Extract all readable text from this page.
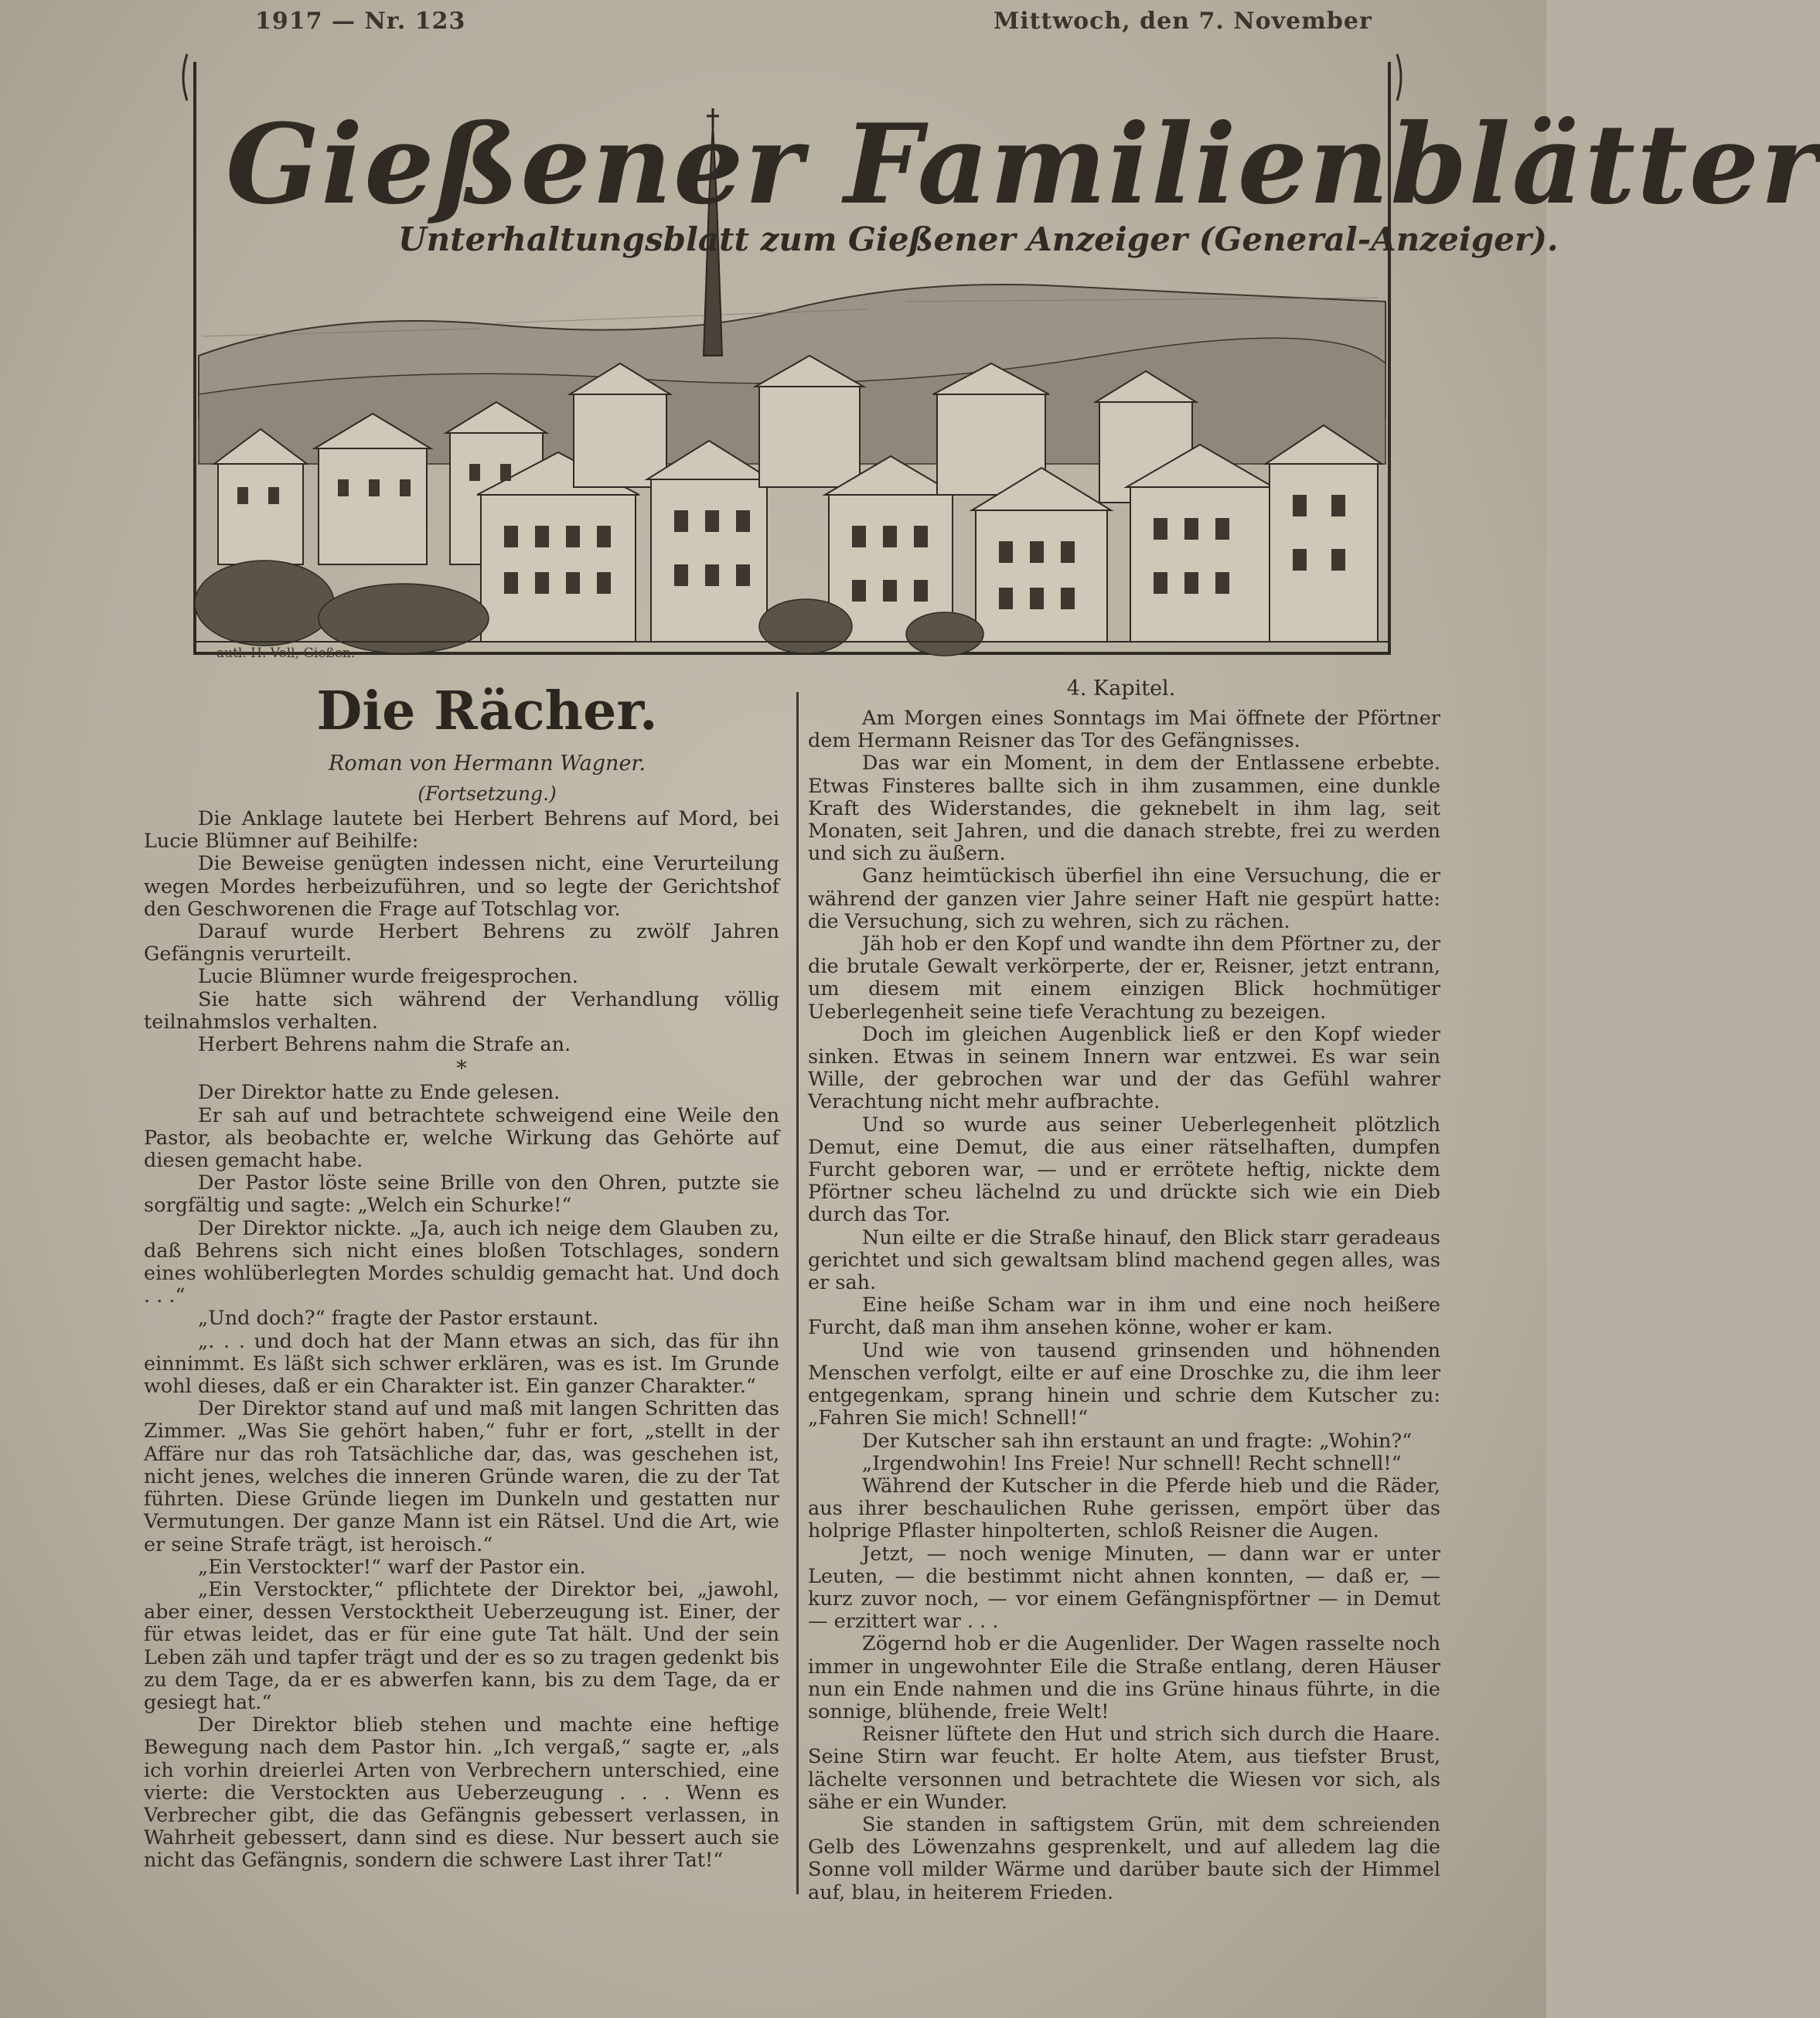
1917 — Nr. 123	Mittwoch, den 7. November
Gießener Familienblätter
Unterhaltungsblatt zum Gießener Anzeiger (General-Anzeiger).
autl. H. Voll, Gießen.
Die Rächer.
Roman von Hermann Wagner.
(Fortsetzung.)

Die Anklage lautete bei Herbert Behrens auf Mord, bei Lucie Blümner auf Beihilfe:

Die Beweise genügten indessen nicht, eine Verurteilung wegen Mordes herbeizuführen, und so legte der Gerichtshof den Geschworenen die Frage auf Totschlag vor.

Darauf wurde Herbert Behrens zu zwölf Jahren Gefängnis verurteilt.

Lucie Blümner wurde freigesprochen.

Sie hatte sich während der Verhandlung völlig teilnahmslos verhalten.

Herbert Behrens nahm die Strafe an.

*

Der Direktor hatte zu Ende gelesen.

Er sah auf und betrachtete schweigend eine Weile den Pastor, als beobachte er, welche Wirkung das Gehörte auf diesen gemacht habe.

Der Pastor löste seine Brille von den Ohren, putzte sie sorgfältig und sagte: „Welch ein Schurke!“

Der Direktor nickte. „Ja, auch ich neige dem Glauben zu, daß Behrens sich nicht eines bloßen Totschlages, sondern eines wohlüberlegten Mordes schuldig gemacht hat. Und doch . . .“

„Und doch?“ fragte der Pastor erstaunt.

„. . . und doch hat der Mann etwas an sich, das für ihn einnimmt. Es läßt sich schwer erklären, was es ist. Im Grunde wohl dieses, daß er ein Charakter ist. Ein ganzer Charakter.“

Der Direktor stand auf und maß mit langen Schritten das Zimmer. „Was Sie gehört haben,“ fuhr er fort, „stellt in der Affäre nur das roh Tatsächliche dar, das, was geschehen ist, nicht jenes, welches die inneren Gründe waren, die zu der Tat führten. Diese Gründe liegen im Dunkeln und gestatten nur Vermutungen. Der ganze Mann ist ein Rätsel. Und die Art, wie er seine Strafe trägt, ist heroisch.“

„Ein Verstockter!“ warf der Pastor ein.

„Ein Verstockter,“ pflichtete der Direktor bei, „jawohl, aber einer, dessen Verstocktheit Ueberzeugung ist. Einer, der für etwas leidet, das er für eine gute Tat hält. Und der sein Leben zäh und tapfer trägt und der es so zu tragen gedenkt bis zu dem Tage, da er es abwerfen kann, bis zu dem Tage, da er gesiegt hat.“

Der Direktor blieb stehen und machte eine heftige Bewegung nach dem Pastor hin. „Ich vergaß,“ sagte er, „als ich vorhin dreierlei Arten von Verbrechern unterschied, eine vierte: die Verstockten aus Ueberzeugung . . . Wenn es Verbrecher gibt, die das Gefängnis gebessert verlassen, in Wahrheit gebessert, dann sind es diese. Nur bessert auch sie nicht das Gefängnis, sondern die schwere Last ihrer Tat!“

4. Kapitel.

Am Morgen eines Sonntags im Mai öffnete der Pförtner dem Hermann Reisner das Tor des Gefängnisses.

Das war ein Moment, in dem der Entlassene erbebte. Etwas Finsteres ballte sich in ihm zusammen, eine dunkle Kraft des Widerstandes, die geknebelt in ihm lag, seit Monaten, seit Jahren, und die danach strebte, frei zu werden und sich zu äußern.

Ganz heimtückisch überfiel ihn eine Versuchung, die er während der ganzen vier Jahre seiner Haft nie gespürt hatte: die Versuchung, sich zu wehren, sich zu rächen.

Jäh hob er den Kopf und wandte ihn dem Pförtner zu, der die brutale Gewalt verkörperte, der er, Reisner, jetzt entrann, um diesem mit einem einzigen Blick hochmütiger Ueberlegenheit seine tiefe Verachtung zu bezeigen.

Doch im gleichen Augenblick ließ er den Kopf wieder sinken. Etwas in seinem Innern war entzwei. Es war sein Wille, der gebrochen war und der das Gefühl wahrer Verachtung nicht mehr aufbrachte.

Und so wurde aus seiner Ueberlegenheit plötzlich Demut, eine Demut, die aus einer rätselhaften, dumpfen Furcht geboren war, — und er errötete heftig, nickte dem Pförtner scheu lächelnd zu und drückte sich wie ein Dieb durch das Tor.

Nun eilte er die Straße hinauf, den Blick starr geradeaus gerichtet und sich gewaltsam blind machend gegen alles, was er sah.

Eine heiße Scham war in ihm und eine noch heißere Furcht, daß man ihm ansehen könne, woher er kam.

Und wie von tausend grinsenden und höhnenden Menschen verfolgt, eilte er auf eine Droschke zu, die ihm leer entgegenkam, sprang hinein und schrie dem Kutscher zu: „Fahren Sie mich! Schnell!“

Der Kutscher sah ihn erstaunt an und fragte: „Wohin?“

„Irgendwohin! Ins Freie! Nur schnell! Recht schnell!“

Während der Kutscher in die Pferde hieb und die Räder, aus ihrer beschaulichen Ruhe gerissen, empört über das holprige Pflaster hinpolterten, schloß Reisner die Augen.

Jetzt, — noch wenige Minuten, — dann war er unter Leuten, — die bestimmt nicht ahnen konnten, — daß er, — kurz zuvor noch, — vor einem Gefängnispförtner — in Demut — erzittert war . . .

Zögernd hob er die Augenlider. Der Wagen rasselte noch immer in ungewohnter Eile die Straße entlang, deren Häuser nun ein Ende nahmen und die ins Grüne hinaus führte, in die sonnige, blühende, freie Welt!

Reisner lüftete den Hut und strich sich durch die Haare. Seine Stirn war feucht. Er holte Atem, aus tiefster Brust, lächelte versonnen und betrachtete die Wiesen vor sich, als sähe er ein Wunder.

Sie standen in saftigstem Grün, mit dem schreienden Gelb des Löwenzahns gesprenkelt, und auf alledem lag die Sonne voll milder Wärme und darüber baute sich der Himmel auf, blau, in heiterem Frieden.
